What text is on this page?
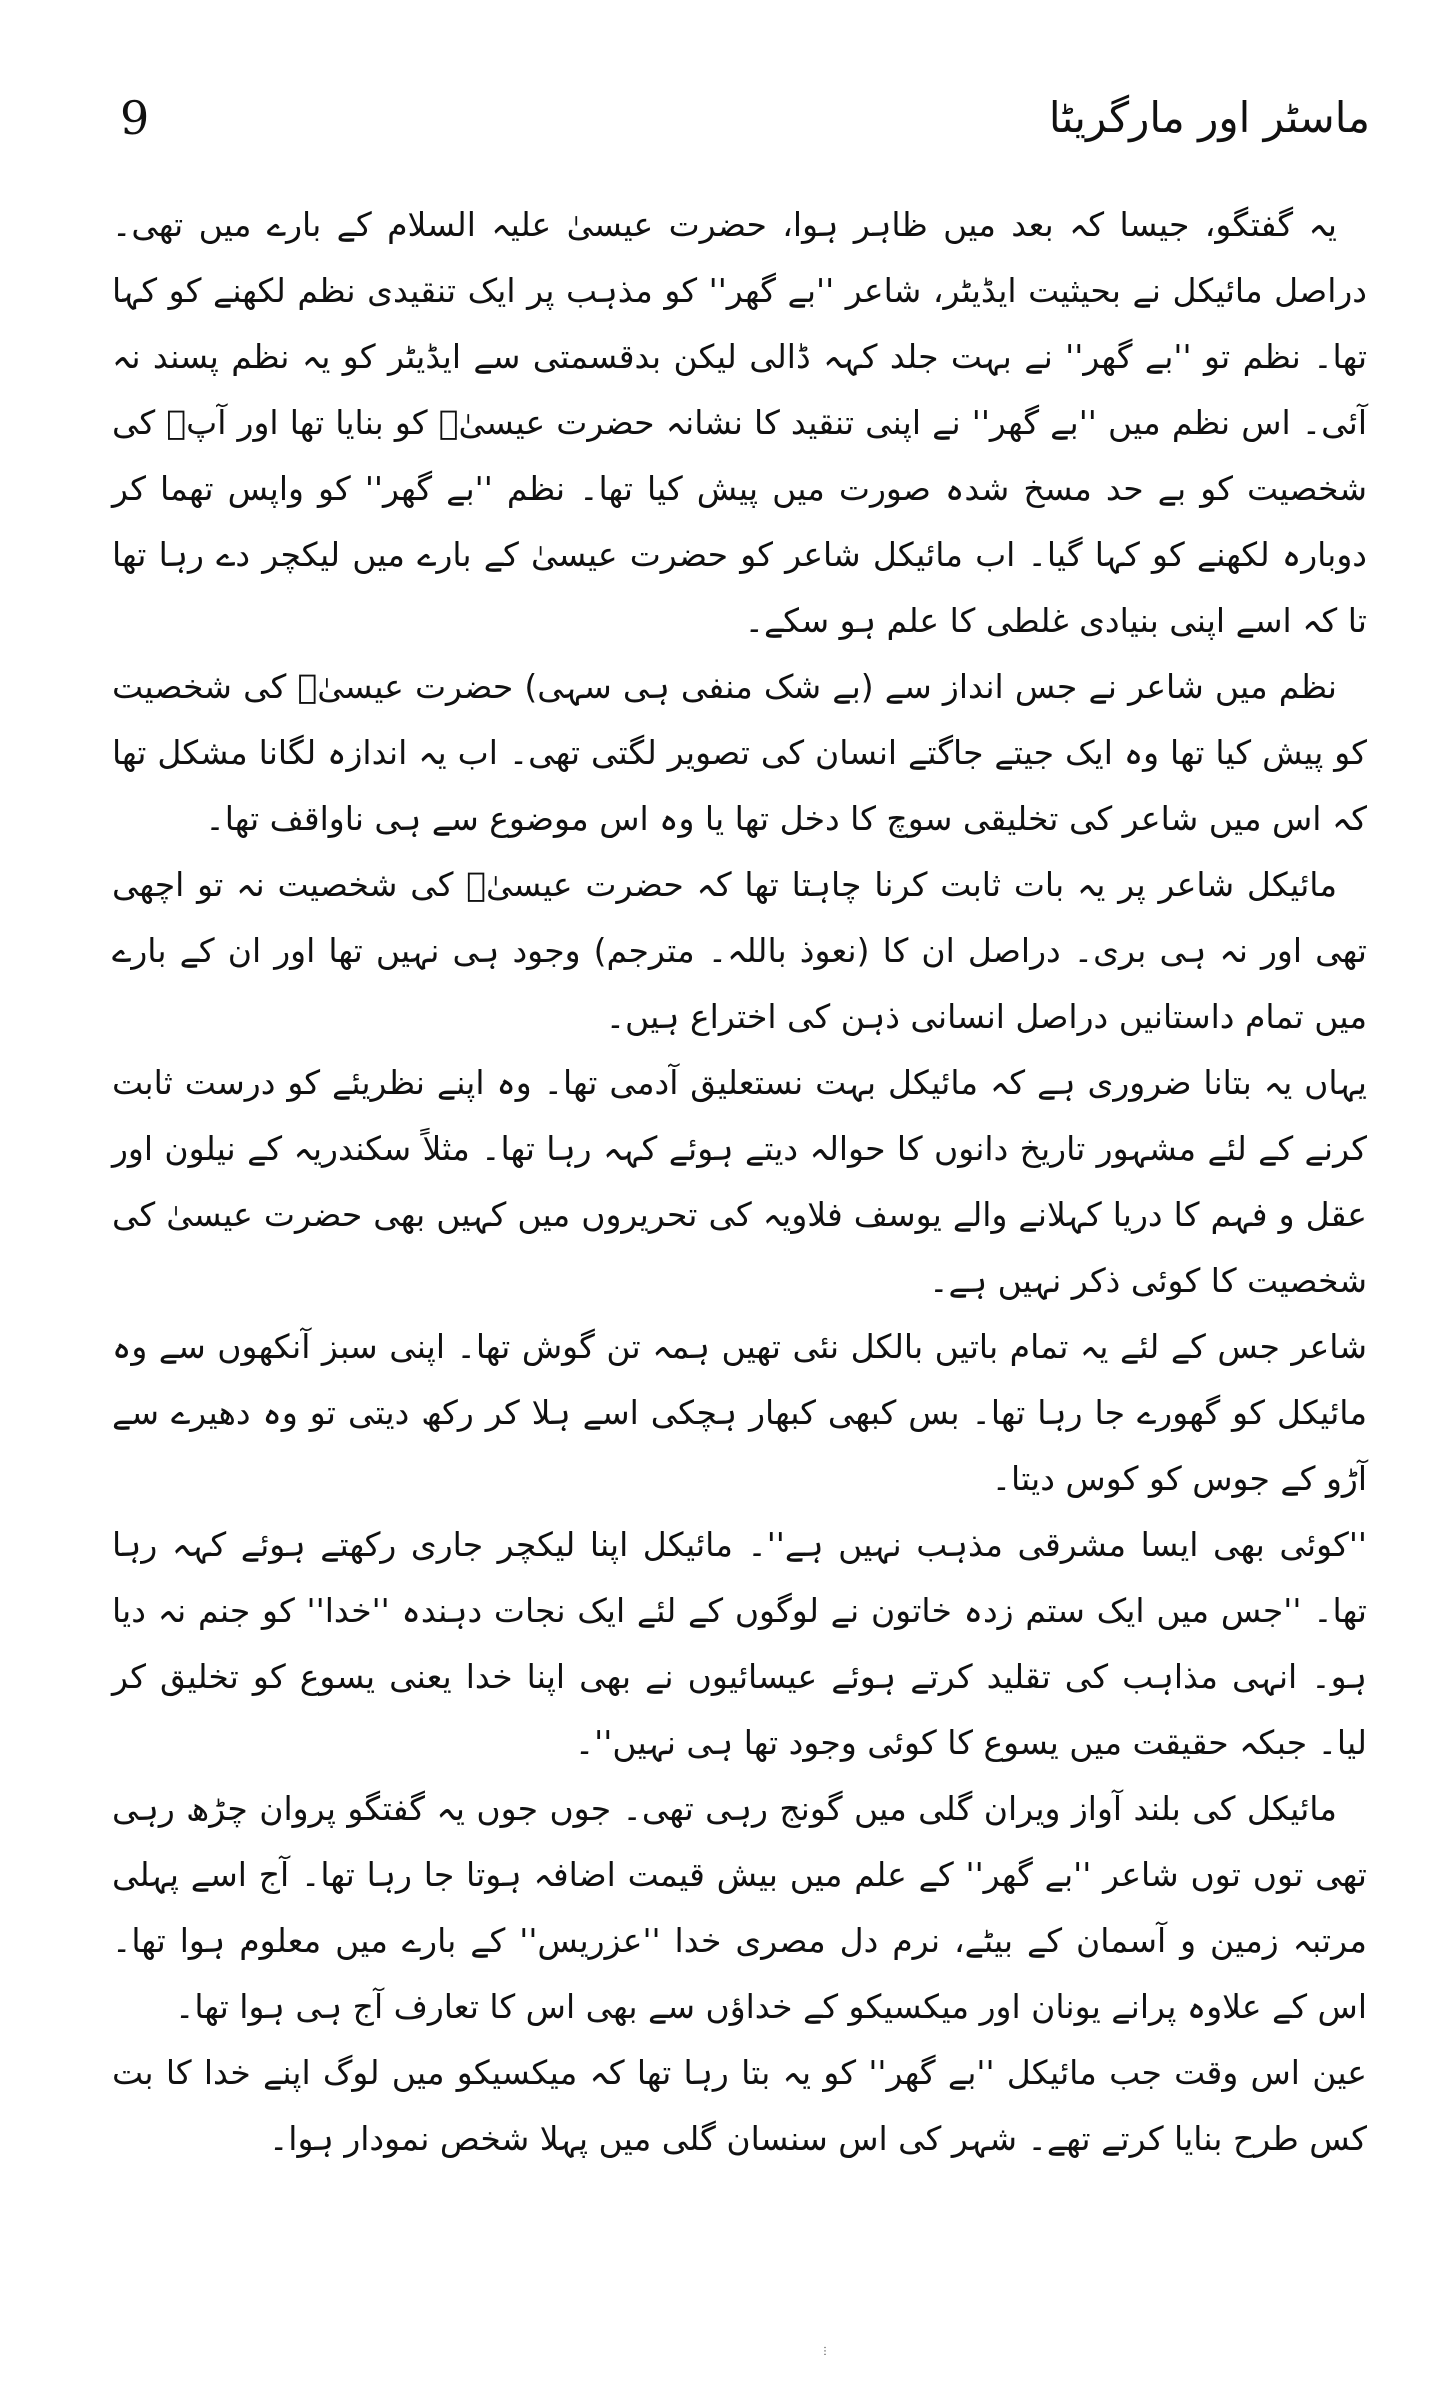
9	ماسٹر اور مارگریٹا

یہ گفتگو، جیسا کہ بعد میں ظاہر ہوا، حضرت عیسیٰ علیہ السلام کے بارے میں تھی۔ دراصل مائیکل نے بحیثیت ایڈیٹر، شاعر ''بے گھر'' کو مذہب پر ایک تنقیدی نظم لکھنے کو کہا تھا۔ نظم تو ''بے گھر'' نے بہت جلد کہہ ڈالی لیکن بدقسمتی سے ایڈیٹر کو یہ نظم پسند نہ آئی۔ اس نظم میں ''بے گھر'' نے اپنی تنقید کا نشانہ حضرت عیسیٰؑ کو بنایا تھا اور آپؑ کی شخصیت کو بے حد مسخ شدہ صورت میں پیش کیا تھا۔ نظم ''بے گھر'' کو واپس تھما کر دوبارہ لکھنے کو کہا گیا۔ اب مائیکل شاعر کو حضرت عیسیٰ کے بارے میں لیکچر دے رہا تھا تا کہ اسے اپنی بنیادی غلطی کا علم ہو سکے۔

نظم میں شاعر نے جس انداز سے (بے شک منفی ہی سہی) حضرت عیسیٰؑ کی شخصیت کو پیش کیا تھا وہ ایک جیتے جاگتے انسان کی تصویر لگتی تھی۔ اب یہ اندازہ لگانا مشکل تھا کہ اس میں شاعر کی تخلیقی سوچ کا دخل تھا یا وہ اس موضوع سے ہی ناواقف تھا۔

مائیکل شاعر پر یہ بات ثابت کرنا چاہتا تھا کہ حضرت عیسیٰؑ کی شخصیت نہ تو اچھی تھی اور نہ ہی بری۔ دراصل ان کا (نعوذ باللہ۔ مترجم) وجود ہی نہیں تھا اور ان کے بارے میں تمام داستانیں دراصل انسانی ذہن کی اختراع ہیں۔

یہاں یہ بتانا ضروری ہے کہ مائیکل بہت نستعلیق آدمی تھا۔ وہ اپنے نظریئے کو درست ثابت کرنے کے لئے مشہور تاریخ دانوں کا حوالہ دیتے ہوئے کہہ رہا تھا۔ مثلاً سکندریہ کے نیلون اور عقل و فہم کا دریا کہلانے والے یوسف فلاویہ کی تحریروں میں کہیں بھی حضرت عیسیٰ کی شخصیت کا کوئی ذکر نہیں ہے۔

شاعر جس کے لئے یہ تمام باتیں بالکل نئی تھیں ہمہ تن گوش تھا۔ اپنی سبز آنکھوں سے وہ مائیکل کو گھورے جا رہا تھا۔ بس کبھی کبھار ہچکی اسے ہلا کر رکھ دیتی تو وہ دھیرے سے آڑو کے جوس کو کوس دیتا۔

''کوئی بھی ایسا مشرقی مذہب نہیں ہے''۔ مائیکل اپنا لیکچر جاری رکھتے ہوئے کہہ رہا تھا۔ ''جس میں ایک ستم زدہ خاتون نے لوگوں کے لئے ایک نجات دہندہ ''خدا'' کو جنم نہ دیا ہو۔ انہی مذاہب کی تقلید کرتے ہوئے عیسائیوں نے بھی اپنا خدا یعنی یسوع کو تخلیق کر لیا۔ جبکہ حقیقت میں یسوع کا کوئی وجود تھا ہی نہیں''۔

مائیکل کی بلند آواز ویران گلی میں گونج رہی تھی۔ جوں جوں یہ گفتگو پروان چڑھ رہی تھی توں توں شاعر ''بے گھر'' کے علم میں بیش قیمت اضافہ ہوتا جا رہا تھا۔ آج اسے پہلی مرتبہ زمین و آسمان کے بیٹے، نرم دل مصری خدا ''عزریس'' کے بارے میں معلوم ہوا تھا۔ اس کے علاوہ پرانے یونان اور میکسیکو کے خداؤں سے بھی اس کا تعارف آج ہی ہوا تھا۔

عین اس وقت جب مائیکل ''بے گھر'' کو یہ بتا رہا تھا کہ میکسیکو میں لوگ اپنے خدا کا بت کس طرح بنایا کرتے تھے۔ شہر کی اس سنسان گلی میں پہلا شخص نمودار ہوا۔

⋮
